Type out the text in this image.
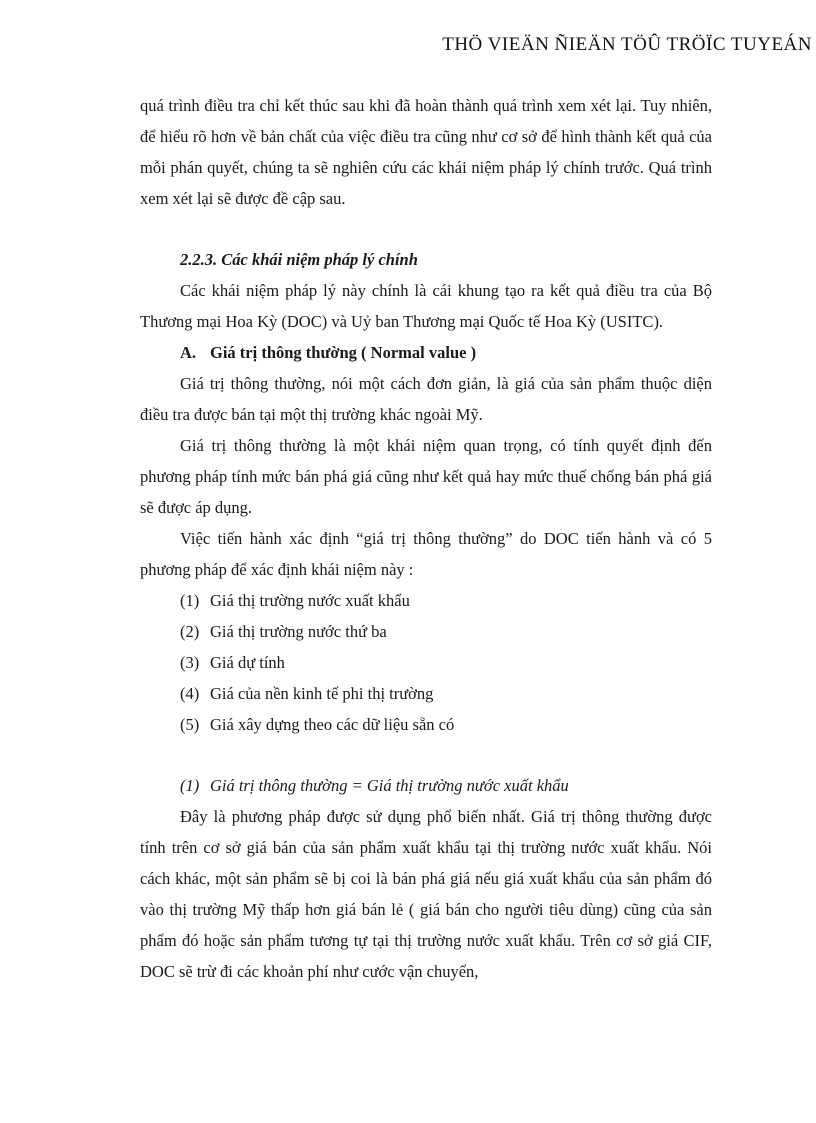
THÖ VIEÄN ÑIEÄN TÖÛ TRÖÏC TUYEÁN

quá trình điều tra chỉ kết thúc sau khi đã hoàn thành quá trình xem xét lại. Tuy nhiên, để hiểu rõ hơn về bản chất của việc điều tra cũng như cơ sở để hình thành kết quả của mỗi phán quyết, chúng ta sẽ nghiên cứu các khái niệm pháp lý chính trước. Quá trình xem xét lại sẽ được đề cập sau.

2.2.3. Các khái niệm pháp lý chính

Các khái niệm pháp lý này chính là cái khung tạo ra kết quả điều tra của Bộ Thương mại Hoa Kỳ (DOC) và Uỷ ban Thương mại Quốc tế Hoa Kỳ (USITC).

A. Giá trị thông thường ( Normal value )

Giá trị thông thường, nói một cách đơn giản, là giá của sản phẩm thuộc diện điều tra được bán tại một thị trường khác ngoài Mỹ.

Giá trị thông thường là một khái niệm quan trọng, có tính quyết định đến phương pháp tính mức bán phá giá cũng như kết quả hay mức thuế chống bán phá giá sẽ được áp dụng.

Việc tiến hành xác định “giá trị thông thường” do DOC tiến hành và có 5 phương pháp để xác định khái niệm này :

(1) Giá thị trường nước xuất khẩu
(2) Giá thị trường nước thứ ba
(3) Giá dự tính
(4) Giá của nền kinh tế phi thị trường
(5) Giá xây dựng theo các dữ liệu sẵn có

(1) Giá trị thông thường = Giá thị trường nước xuất khẩu

Đây là phương pháp được sử dụng phổ biến nhất. Giá trị thông thường được tính trên cơ sở giá bán của sản phẩm xuất khẩu tại thị trường nước xuất khẩu. Nói cách khác, một sản phẩm sẽ bị coi là bán phá giá nếu giá xuất khẩu của sản phẩm đó vào thị trường Mỹ thấp hơn giá bán lẻ ( giá bán cho người tiêu dùng) cũng của sản phẩm đó hoặc sản phẩm tương tự tại thị trường nước xuất khẩu. Trên cơ sở giá CIF, DOC sẽ trừ đi các khoản phí như cước vận chuyển,
